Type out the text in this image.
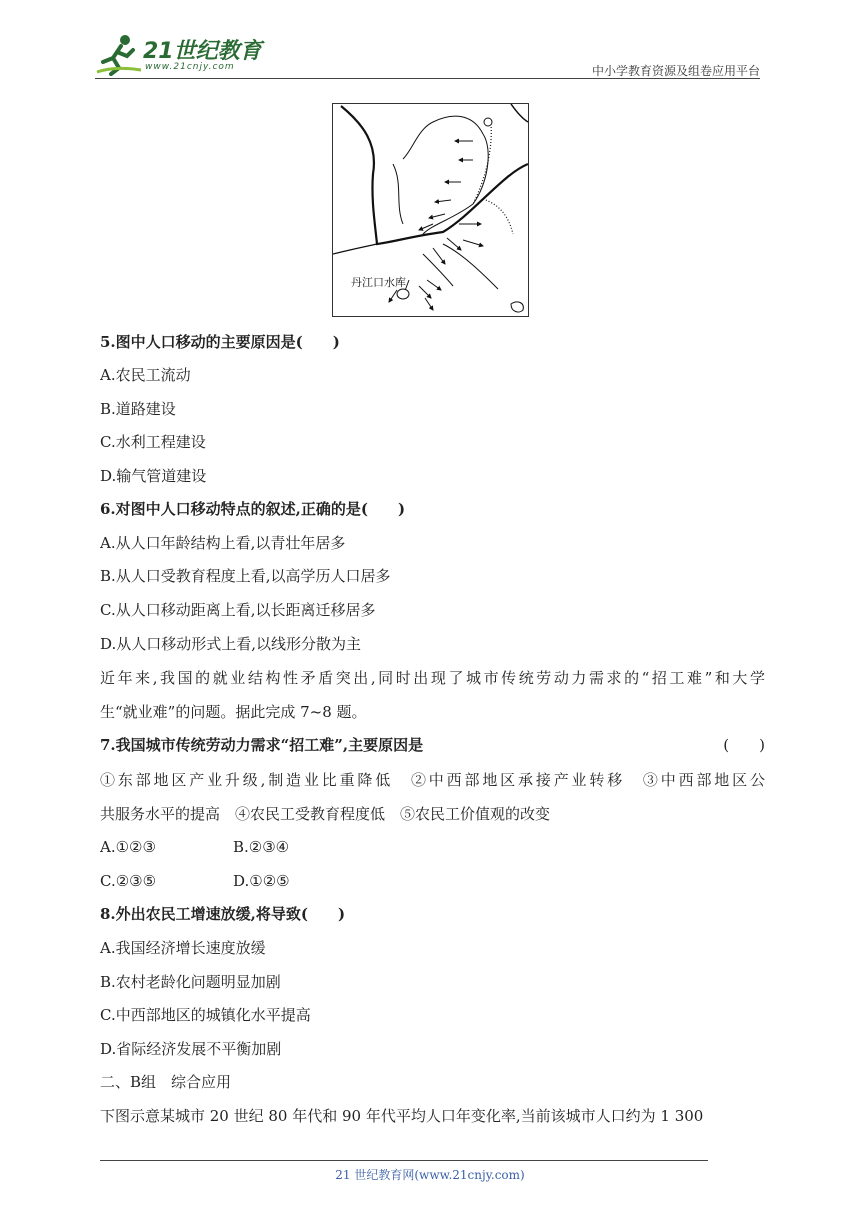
21世纪教育
www.21cnjy.com	中小学教育资源及组卷应用平台
丹江口水库
5.图中人口移动的主要原因是(　　)
A.农民工流动
B.道路建设
C.水利工程建设
D.输气管道建设
6.对图中人口移动特点的叙述,正确的是(　　)
A.从人口年龄结构上看,以青壮年居多
B.从人口受教育程度上看,以高学历人口居多
C.从人口移动距离上看,以长距离迁移居多
D.从人口移动形式上看,以线形分散为主
近年来,我国的就业结构性矛盾突出,同时出现了城市传统劳动力需求的“招工难”和大学
生“就业难”的问题。据此完成 7~8 题。
7.我国城市传统劳动力需求“招工难”,主要原因是	(　　)
①东部地区产业升级,制造业比重降低　②中西部地区承接产业转移　③中西部地区公
共服务水平的提高　④农民工受教育程度低　⑤农民工价值观的改变
A.①②③	B.②③④
C.②③⑤	D.①②⑤
8.外出农民工增速放缓,将导致(　　)
A.我国经济增长速度放缓
B.农村老龄化问题明显加剧
C.中西部地区的城镇化水平提高
D.省际经济发展不平衡加剧
二、B组　综合应用
下图示意某城市 20 世纪 80 年代和 90 年代平均人口年变化率,当前该城市人口约为 1 300
21 世纪教育网(www.21cnjy.com)
